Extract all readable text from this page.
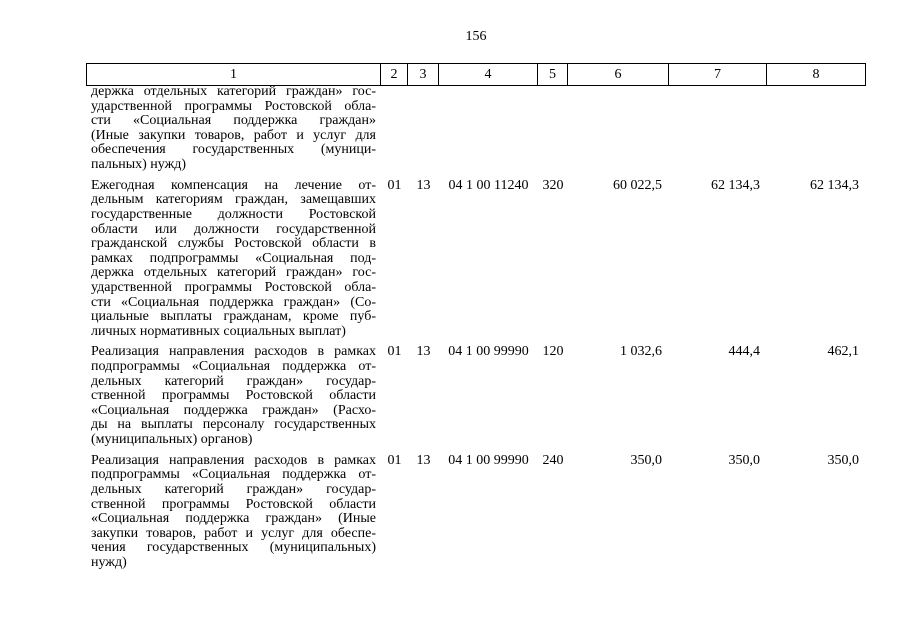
156
1	2	3	4	5	6	7	8
держка отдельных категорий граждан» гос-
ударственной программы Ростовской обла-
сти «Социальная поддержка граждан»
(Иные закупки товаров, работ и услуг для
обеспечения государственных (муници-
пальных) нужд)
Ежегодная компенсация на лечение от-
дельным категориям граждан, замещавших
государственные должности Ростовской
области или должности государственной
гражданской службы Ростовской области в
рамках подпрограммы «Социальная под-
держка отдельных категорий граждан» гос-
ударственной программы Ростовской обла-
сти «Социальная поддержка граждан» (Со-
циальные выплаты гражданам, кроме пуб-
личных нормативных социальных выплат)
01	13	04 1 00 11240	320	60 022,5	62 134,3	62 134,3
Реализация направления расходов в рамках
подпрограммы «Социальная поддержка от-
дельных категорий граждан» государ-
ственной программы Ростовской области
«Социальная поддержка граждан» (Расхо-
ды на выплаты персоналу государственных
(муниципальных) органов)
01	13	04 1 00 99990 120	1 032,6	444,4	462,1
Реализация направления расходов в рамках
подпрограммы «Социальная поддержка от-
дельных категорий граждан» государ-
ственной программы Ростовской области
«Социальная поддержка граждан» (Иные
закупки товаров, работ и услуг для обеспе-
чения государственных (муниципальных)
нужд)
01	13	04 1 00 99990 240	350,0	350,0	350,0
